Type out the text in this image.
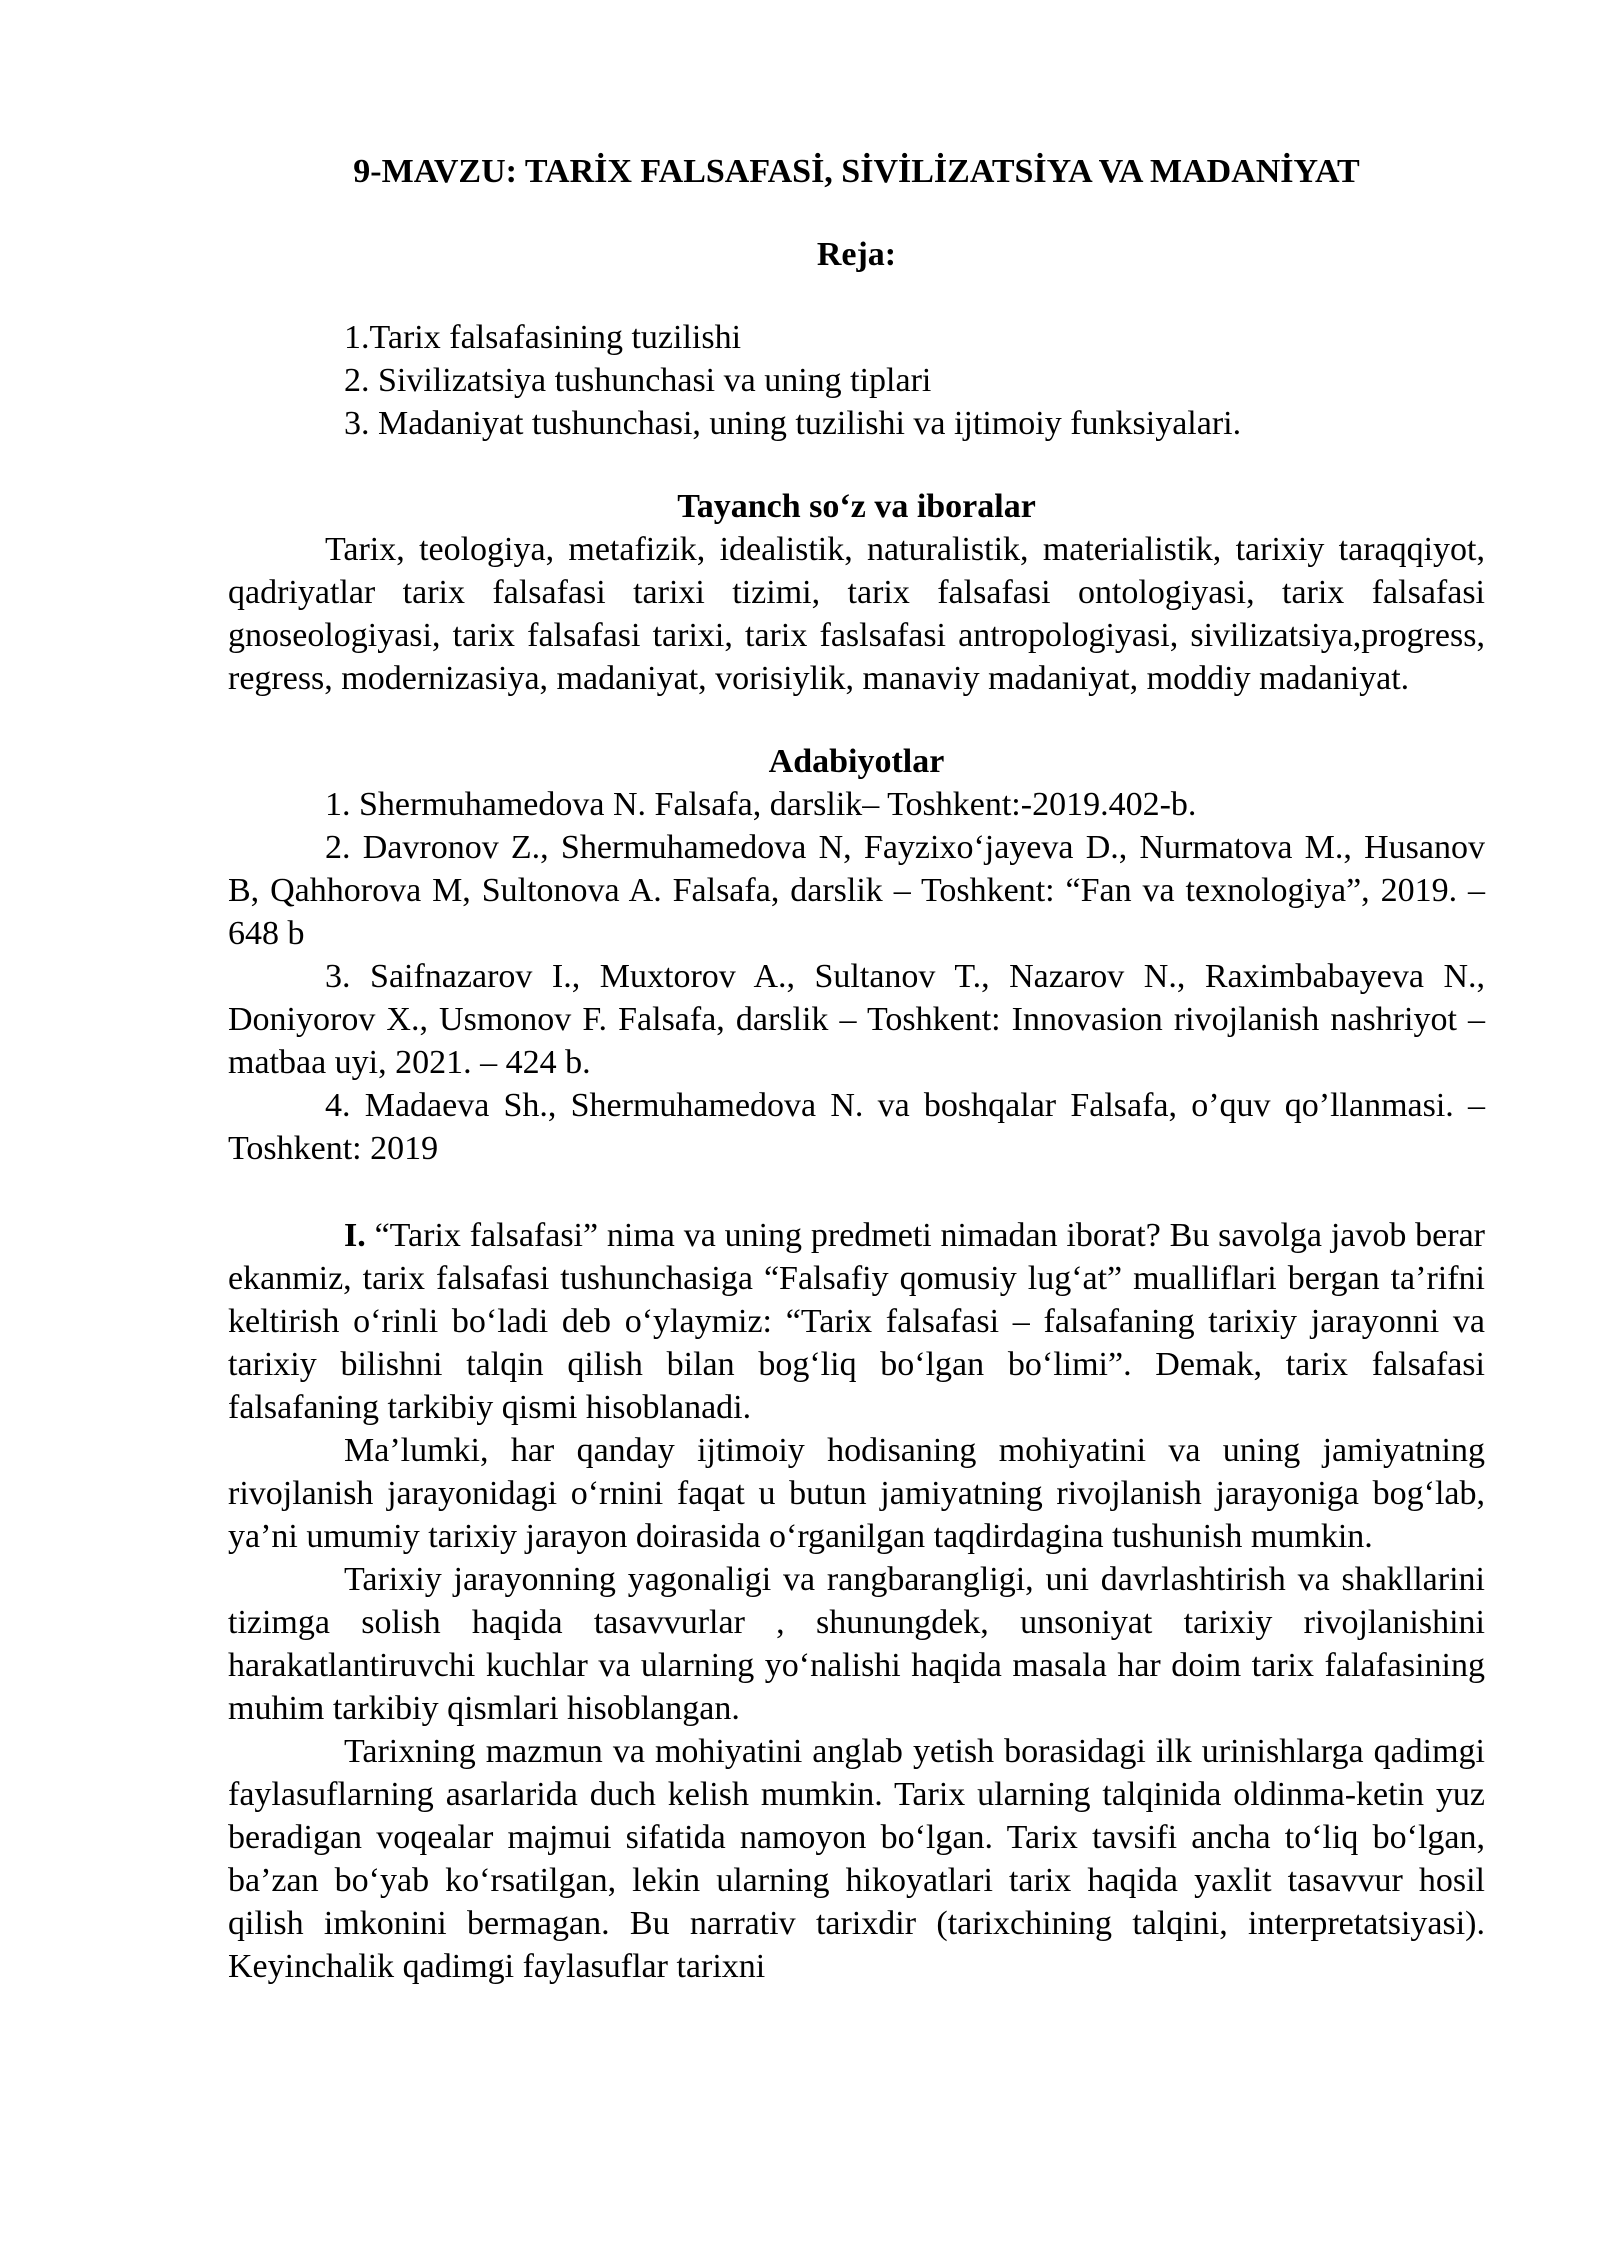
9-MAVZU: TARİX FALSAFASİ, SİVİLİZATSİYA VA MADANİYAT
Reja:
1.Tarix falsafasining tuzilishi
2. Sivilizatsiya tushunchasi va uning tiplari
3. Madaniyat tushunchasi, uning tuzilishi va ijtimoiy funksiyalari.
Tayanch so‘z va iboralar

Tarix, teologiya, metafizik, idealistik, naturalistik, materialistik, tarixiy taraqqiyot, qadriyatlar tarix falsafasi tarixi tizimi, tarix falsafasi ontologiyasi, tarix falsafasi gnoseologiyasi, tarix falsafasi tarixi, tarix faslsafasi antropologiyasi, sivilizatsiya,progress, regress, modernizasiya, madaniyat, vorisiylik, manaviy madaniyat, moddiy madaniyat.

Adabiyotlar

1. Shermuhamedova N. Falsafa, darslik– Toshkent:-2019.402-b.

2. Davronov Z., Shermuhamedova N, Fayzixo‘jayeva D., Nurmatova M., Husanov B, Qahhorova M, Sultonova A. Falsafa, darslik – Toshkent: “Fan va texnologiya”, 2019. – 648 b

3. Saifnazarov I., Muxtorov A., Sultanov T., Nazarov N., Raximbabayeva N., Doniyorov X., Usmonov F. Falsafa, darslik – Toshkent: Innovasion rivojlanish nashriyot –matbaa uyi, 2021. – 424 b.

4. Madaeva Sh., Shermuhamedova N. va boshqalar Falsafa, o’quv qo’llanmasi. –Toshkent: 2019

I. “Tarix falsafasi” nima va uning predmeti nimadan iborat? Bu savolga javob berar ekanmiz, tarix falsafasi tushunchasiga “Falsafiy qomusiy lug‘at” mualliflari bergan ta’rifni keltirish o‘rinli bo‘ladi deb o‘ylaymiz: “Tarix falsafasi – falsafaning tarixiy jarayonni va tarixiy bilishni talqin qilish bilan bog‘liq bo‘lgan bo‘limi”. Demak, tarix falsafasi falsafaning tarkibiy qismi hisoblanadi.

Ma’lumki, har qanday ijtimoiy hodisaning mohiyatini va uning jamiyatning rivojlanish jarayonidagi o‘rnini faqat u butun jamiyatning rivojlanish jarayoniga bog‘lab, ya’ni umumiy tarixiy jarayon doirasida o‘rganilgan taqdirdagina tushunish mumkin.

Tarixiy jarayonning yagonaligi va rangbarangligi, uni davrlashtirish va shakllarini tizimga solish haqida tasavvurlar , shunungdek, unsoniyat tarixiy rivojlanishini harakatlantiruvchi kuchlar va ularning yo‘nalishi haqida masala har doim tarix falafasining muhim tarkibiy qismlari hisoblangan.

Tarixning mazmun va mohiyatini anglab yetish borasidagi ilk urinishlarga qadimgi faylasuflarning asarlarida duch kelish mumkin. Tarix ularning talqinida oldinma-ketin yuz beradigan voqealar majmui sifatida namoyon bo‘lgan. Tarix tavsifi ancha to‘liq bo‘lgan, ba’zan bo‘yab ko‘rsatilgan, lekin ularning hikoyatlari tarix haqida yaxlit tasavvur hosil qilish imkonini bermagan. Bu narrativ tarixdir (tarixchining talqini, interpretatsiyasi). Keyinchalik qadimgi faylasuflar tarixni
